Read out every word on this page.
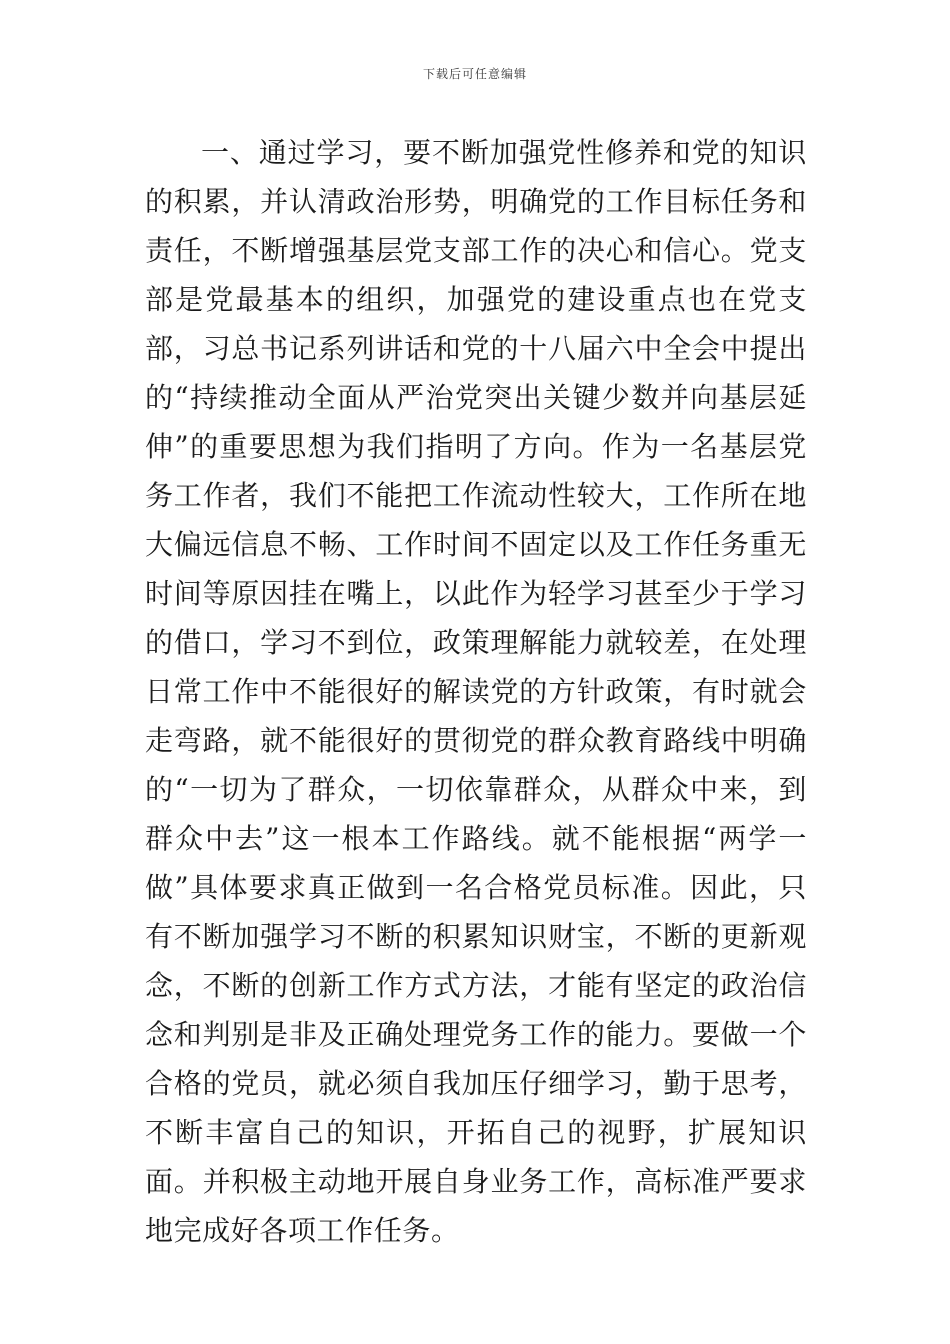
下载后可任意编辑

一、通过学习，要不断加强党性修养和党的知识的积累，并认清政治形势，明确党的工作目标任务和责任，不断增强基层党支部工作的决心和信心。党支部是党最基本的组织，加强党的建设重点也在党支部，习总书记系列讲话和党的十八届六中全会中提出的“持续推动全面从严治党突出关键少数并向基层延伸”的重要思想为我们指明了方向。作为一名基层党务工作者，我们不能把工作流动性较大，工作所在地大偏远信息不畅、工作时间不固定以及工作任务重无时间等原因挂在嘴上，以此作为轻学习甚至少于学习的借口，学习不到位，政策理解能力就较差，在处理日常工作中不能很好的解读党的方针政策，有时就会走弯路，就不能很好的贯彻党的群众教育路线中明确的“一切为了群众，一切依靠群众，从群众中来，到群众中去”这一根本工作路线。就不能根据“两学一做”具体要求真正做到一名合格党员标准。因此，只有不断加强学习不断的积累知识财宝，不断的更新观念，不断的创新工作方式方法，才能有坚定的政治信念和判别是非及正确处理党务工作的能力。要做一个合格的党员，就必须自我加压仔细学习，勤于思考，不断丰富自己的知识，开拓自己的视野，扩展知识面。并积极主动地开展自身业务工作，高标准严要求地完成好各项工作任务。
